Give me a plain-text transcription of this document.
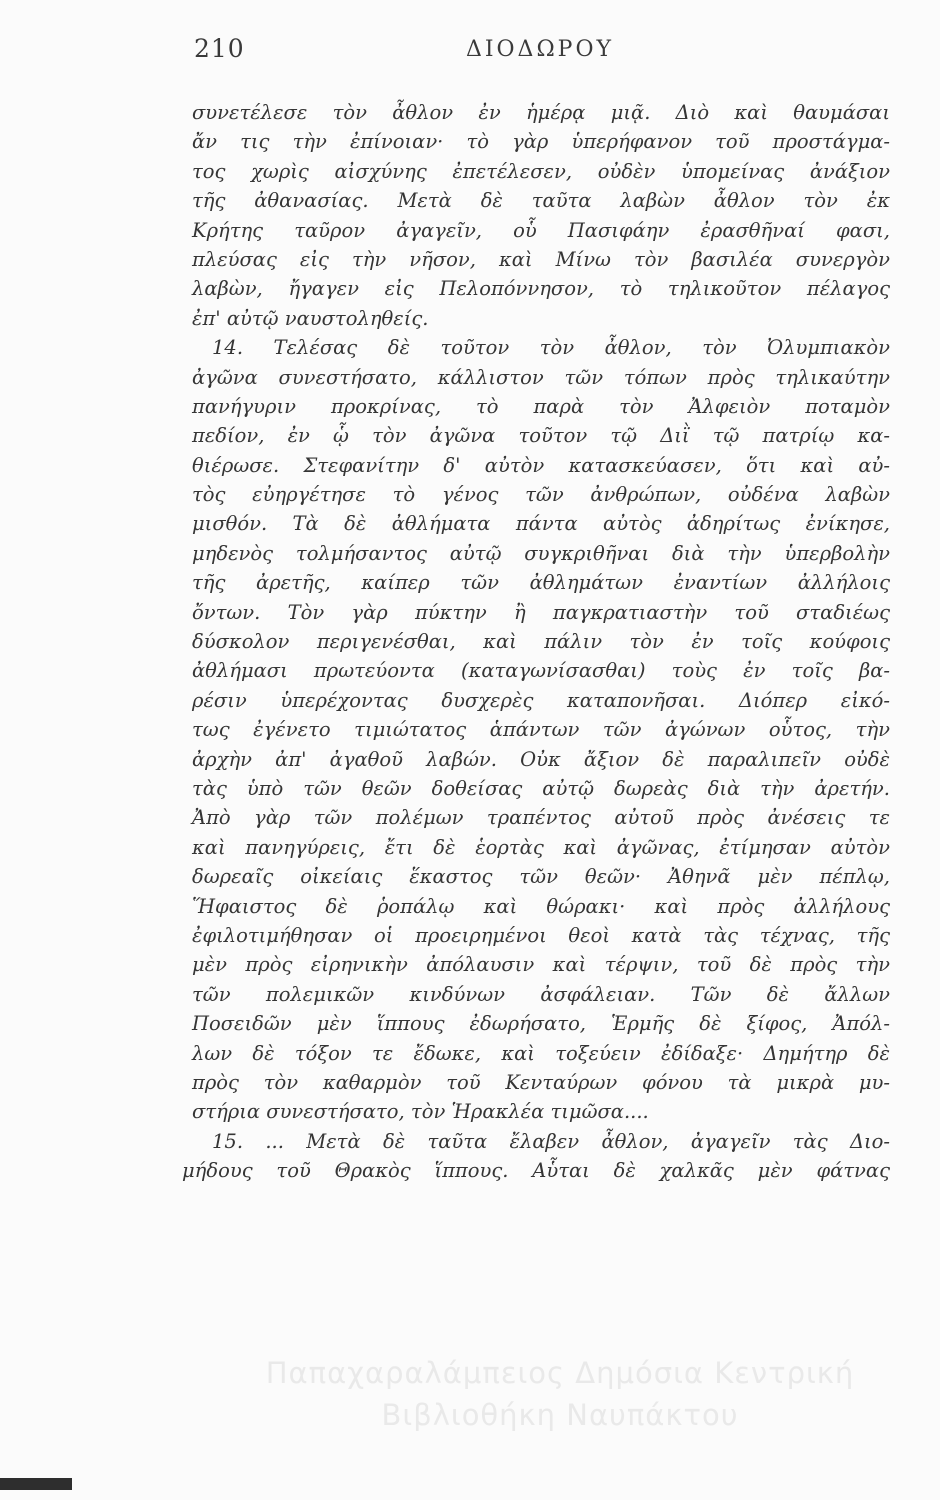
210	ΔΙΟΔΩΡΟΥ
συνετέλεσε τὸν ἆθλον ἐν ἡμέρᾳ μιᾷ. Διὸ καὶ θαυμάσαι
ἄν τις τὴν ἐπίνοιαν· τὸ γὰρ ὑπερήφανον τοῦ προστάγμα-
τος χωρὶς αἰσχύνης ἐπετέλεσεν, οὐδὲν ὑπομείνας ἀνάξιον
τῆς ἀθανασίας. Μετὰ δὲ ταῦτα λαβὼν ἆθλον τὸν ἐκ
Κρήτης ταῦρον ἀγαγεῖν, οὗ Πασιφάην ἐρασθῆναί φασι,
πλεύσας εἰς τὴν νῆσον, καὶ Μίνω τὸν βασιλέα συνεργὸν
λαβὼν, ἤγαγεν εἰς Πελοπόννησον, τὸ τηλικοῦτον πέλαγος
ἐπ' αὐτῷ ναυστοληθείς.
14. Τελέσας δὲ τοῦτον τὸν ἆθλον, τὸν Ὀλυμπιακὸν
ἀγῶνα συνεστήσατο, κάλλιστον τῶν τόπων πρὸς τηλικαύτην
πανήγυριν προκρίνας, τὸ παρὰ τὸν Ἀλφειὸν ποταμὸν
πεδίον, ἐν ᾧ τὸν ἀγῶνα τοῦτον τῷ Διῒ τῷ πατρίῳ κα-
θιέρωσε. Στεφανίτην δ' αὐτὸν κατασκεύασεν, ὅτι καὶ αὐ-
τὸς εὐηργέτησε τὸ γένος τῶν ἀνθρώπων, οὐδένα λαβὼν
μισθόν. Τὰ δὲ ἀθλήματα πάντα αὐτὸς ἀδηρίτως ἐνίκησε,
μηδενὸς τολμήσαντος αὐτῷ συγκριθῆναι διὰ τὴν ὑπερβολὴν
τῆς ἀρετῆς, καίπερ τῶν ἀθλημάτων ἐναντίων ἀλλήλοις
ὄντων. Τὸν γὰρ πύκτην ἢ παγκρατιαστὴν τοῦ σταδιέως
δύσκολον περιγενέσθαι, καὶ πάλιν τὸν ἐν τοῖς κούφοις
ἀθλήμασι πρωτεύοντα (καταγωνίσασθαι) τοὺς ἐν τοῖς βα-
ρέσιν ὑπερέχοντας δυσχερὲς καταπονῆσαι. Διόπερ εἰκό-
τως ἐγένετο τιμιώτατος ἁπάντων τῶν ἀγώνων οὗτος, τὴν
ἀρχὴν ἀπ' ἀγαθοῦ λαβών. Οὐκ ἄξιον δὲ παραλιπεῖν οὐδὲ
τὰς ὑπὸ τῶν θεῶν δοθείσας αὐτῷ δωρεὰς διὰ τὴν ἀρετήν.
Ἀπὸ γὰρ τῶν πολέμων τραπέντος αὐτοῦ πρὸς ἀνέσεις τε
καὶ πανηγύρεις, ἔτι δὲ ἑορτὰς καὶ ἀγῶνας, ἐτίμησαν αὐτὸν
δωρεαῖς οἰκείαις ἕκαστος τῶν θεῶν· Ἀθηνᾶ μὲν πέπλῳ,
Ἥφαιστος δὲ ῥοπάλῳ καὶ θώρακι· καὶ πρὸς ἀλλήλους
ἐφιλοτιμήθησαν οἱ προειρημένοι θεοὶ κατὰ τὰς τέχνας, τῆς
μὲν πρὸς εἰρηνικὴν ἀπόλαυσιν καὶ τέρψιν, τοῦ δὲ πρὸς τὴν
τῶν πολεμικῶν κινδύνων ἀσφάλειαν. Τῶν δὲ ἄλλων
Ποσειδῶν μὲν ἵππους ἐδωρήσατο, Ἑρμῆς δὲ ξίφος, Ἀπόλ-
λων δὲ τόξον τε ἔδωκε, καὶ τοξεύειν ἐδίδαξε· Δημήτηρ δὲ
πρὸς τὸν καθαρμὸν τοῦ Κενταύρων φόνου τὰ μικρὰ μυ-
στήρια συνεστήσατο, τὸν Ἡρακλέα τιμῶσα....
15. ... Μετὰ δὲ ταῦτα ἔλαβεν ἆθλον, ἀγαγεῖν τὰς Διο-
μήδους τοῦ Θρακὸς ἵππους. Αὗται δὲ χαλκᾶς μὲν φάτνας
Παπαχαραλάμπειος Δημόσια Κεντρική
Βιβλιοθήκη Ναυπάκτου
